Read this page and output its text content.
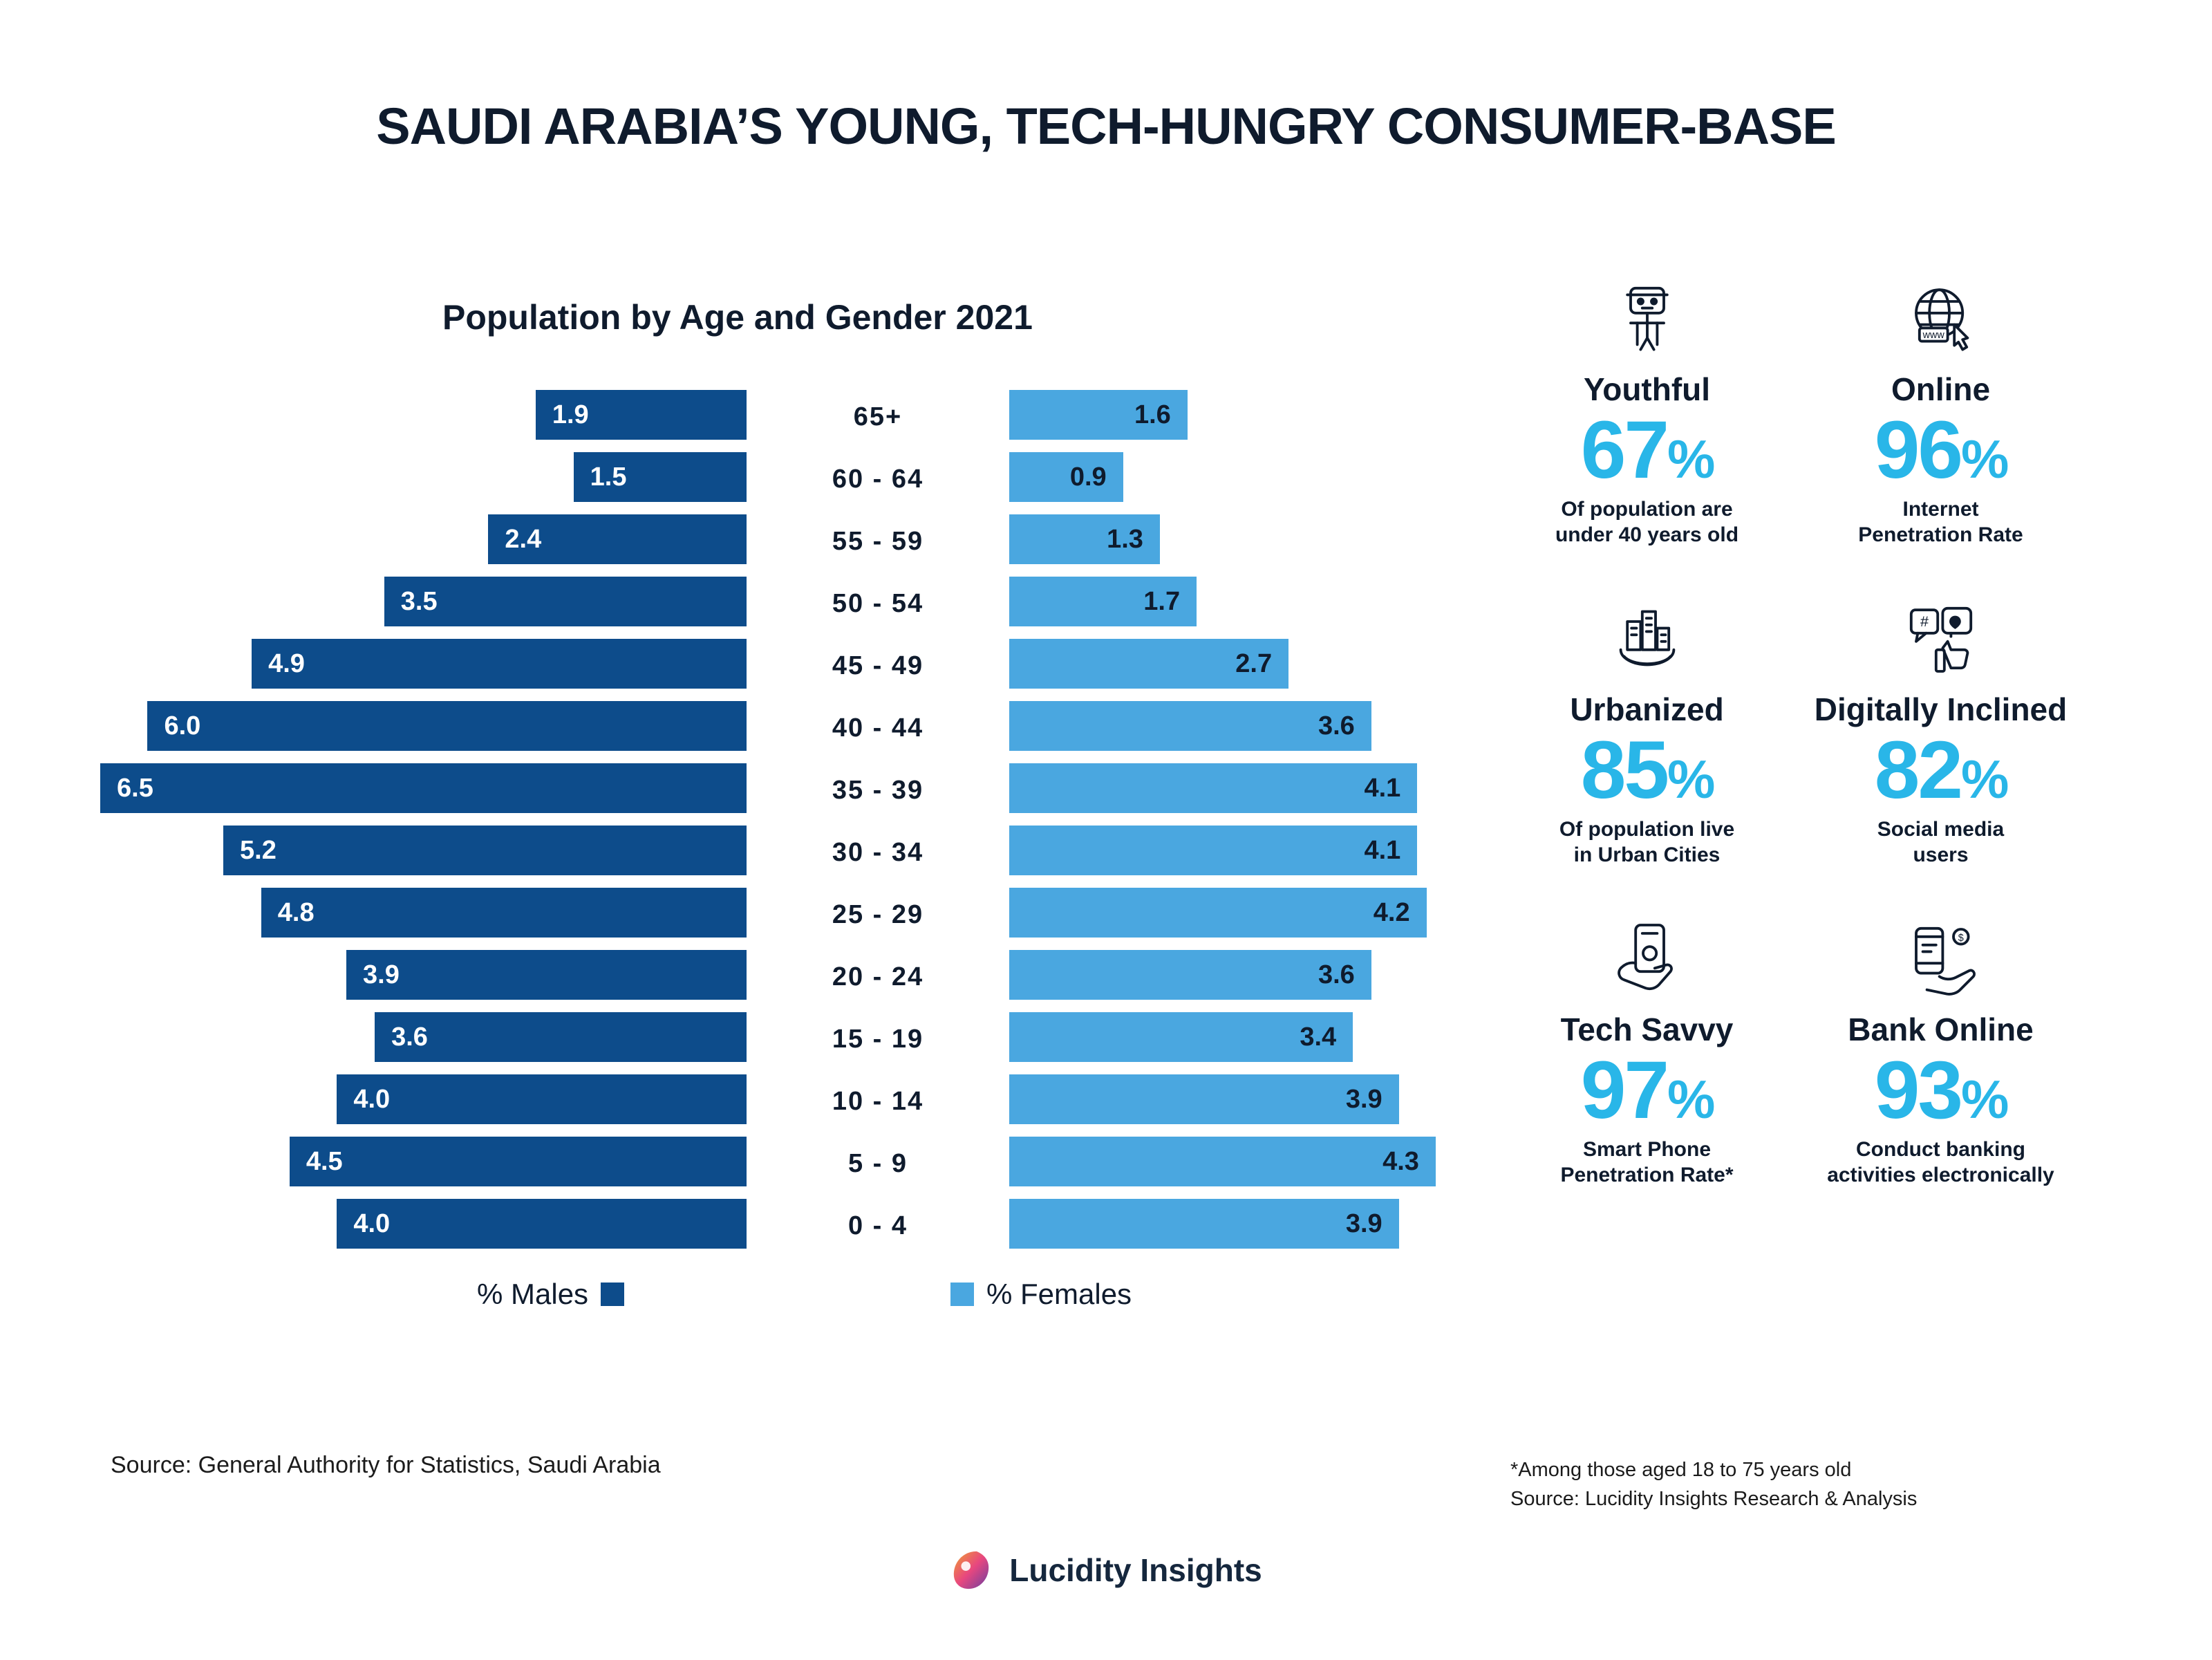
SAUDI ARABIA’S YOUNG, TECH-HUNGRY CONSUMER-BASE
Population by Age and Gender 2021
1.9	65+	1.6
1.5	60 - 64	0.9
2.4	55 - 59	1.3
3.5	50 - 54	1.7
4.9	45 - 49	2.7
6.0	40 - 44	3.6
6.5	35 - 39	4.1
5.2	30 - 34	4.1
4.8	25 - 29	4.2
3.9	20 - 24	3.6
3.6	15 - 19	3.4
4.0	10 - 14	3.9
4.5	5 - 9	4.3
4.0	0 - 4	3.9
% Males	% Females
Source: General Authority for Statistics, Saudi Arabia
Youthful
67%
Of population are
under 40 years old
www
Online
96%
Internet
Penetration Rate
Urbanized
85%
Of population live
in Urban Cities
#
Digitally Inclined
82%
Social media
users
Tech Savvy
97%
Smart Phone
Penetration Rate*
$
Bank Online
93%
Conduct banking
activities electronically
*Among those aged 18 to 75 years old
Source: Lucidity Insights Research & Analysis
Lucidity Insights
